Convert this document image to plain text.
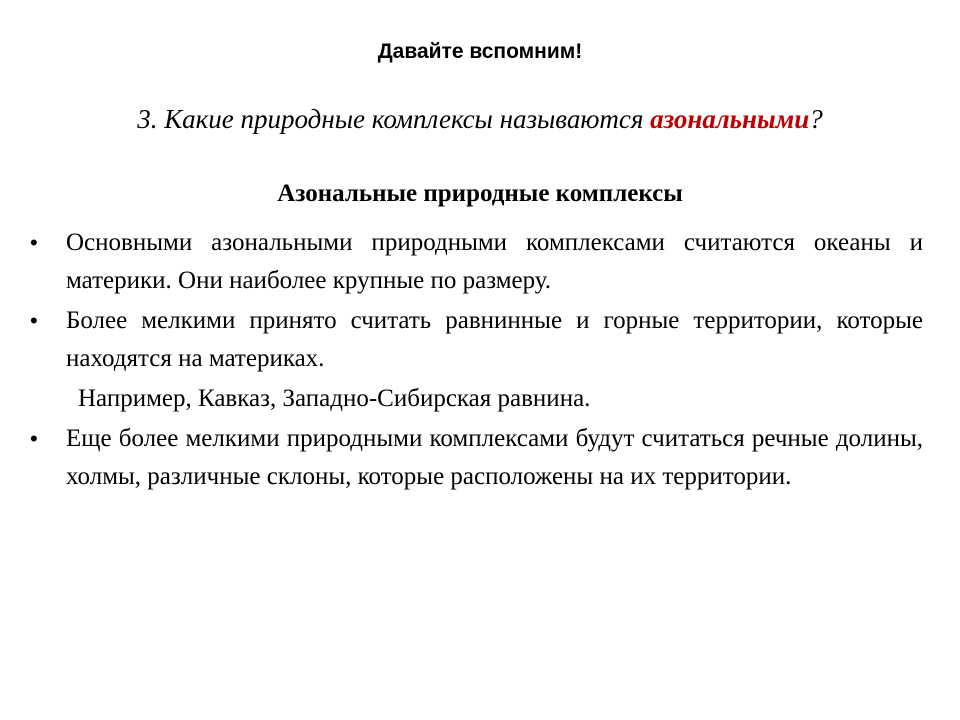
Давайте вспомним!
3. Какие природные комплексы называются азональными?
Азональные природные комплексы
• Основными азональными природными комплексами считаются океаны и материки. Они наиболее крупные по размеру.
• Более мелкими принято считать равнинные и горные территории, которые находятся на материках.
Например, Кавказ, Западно-Сибирская равнина.
• Еще более мелкими природными комплексами будут считаться речные долины, холмы, различные склоны, которые расположены на их территории.
